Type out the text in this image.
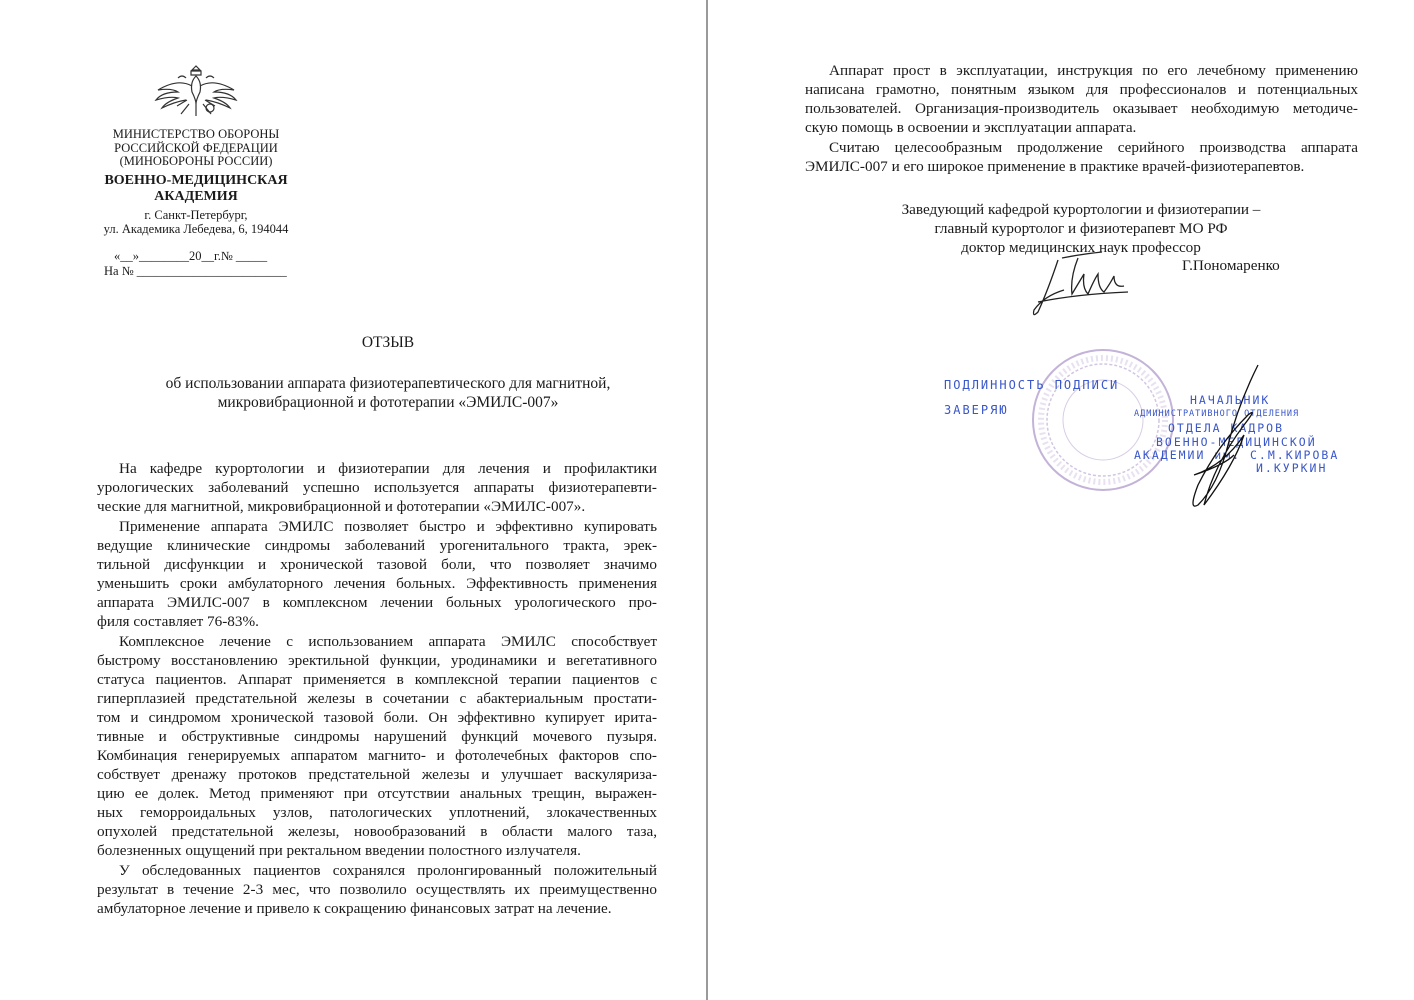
МИНИСТЕРСТВО ОБОРОНЫ
РОССИЙСКОЙ ФЕДЕРАЦИИ
(МИНОБОРОНЫ РОССИИ)
ВОЕННО-МЕДИЦИНСКАЯ
АКАДЕМИЯ
г. Санкт-Петербург,
ул. Академика Лебедева, 6, 194044
«__»________20__г.№ _____
На № ________________________
ОТЗЫВ
об использовании аппарата физиотерапевтического для магнитной,
микровибрационной и фототерапии «ЭМИЛС-007»
На кафедре курортологии и физиотерапии для лечения и профилактики
урологических заболеваний успешно используется аппараты физиотерапевти-
ческие для магнитной, микровибрационной и фототерапии «ЭМИЛС-007».
Применение аппарата ЭМИЛС позволяет быстро и эффективно купировать
ведущие клинические синдромы заболеваний урогенитального тракта, эрек-
тильной дисфункции и хронической тазовой боли, что позволяет значимо
уменьшить сроки амбулаторного лечения больных. Эффективность применения
аппарата ЭМИЛС-007 в комплексном лечении больных урологического про-
филя составляет 76-83%.
Комплексное лечение с использованием аппарата ЭМИЛС способствует
быстрому восстановлению эректильной функции, уродинамики и вегетативного
статуса пациентов. Аппарат применяется в комплексной терапии пациентов с
гиперплазией предстательной железы в сочетании с абактериальным простати-
том и синдромом хронической тазовой боли. Он эффективно купирует ирита-
тивные и обструктивные синдромы нарушений функций мочевого пузыря.
Комбинация генерируемых аппаратом магнито- и фотолечебных факторов спо-
собствует дренажу протоков предстательной железы и улучшает васкуляриза-
цию ее долек. Метод применяют при отсутствии анальных трещин, выражен-
ных геморроидальных узлов, патологических уплотнений, злокачественных
опухолей предстательной железы, новообразований в области малого таза,
болезненных ощущений при ректальном введении полостного излучателя.
У обследованных пациентов сохранялся пролонгированный положительный
результат в течение 2-3 мес, что позволило осуществлять их преимущественно
амбулаторное лечение и привело к сокращению финансовых затрат на лечение.
Аппарат прост в эксплуатации, инструкция по его лечебному применению
написана грамотно, понятным языком для профессионалов и потенциальных
пользователей. Организация-производитель оказывает необходимую методиче-
скую помощь в освоении и эксплуатации аппарата.
Считаю целесообразным продолжение серийного производства аппарата
ЭМИЛС-007 и его широкое применение в практике врачей-физиотерапевтов.
Заведующий кафедрой курортологии и физиотерапии –
главный курортолог и физиотерапевт МО РФ
доктор медицинских наук профессор
Г.Пономаренко
ПОДЛИННОСТЬ ПОДПИСИ
ЗАВЕРЯЮ
НАЧАЛЬНИК
АДМИНИСТРАТИВНОГО ОТДЕЛЕНИЯ
ОТДЕЛА КАДРОВ
ВОЕННО-МЕДИЦИНСКОЙ
АКАДЕМИИ им. С.М.КИРОВА
И.КУРКИН
